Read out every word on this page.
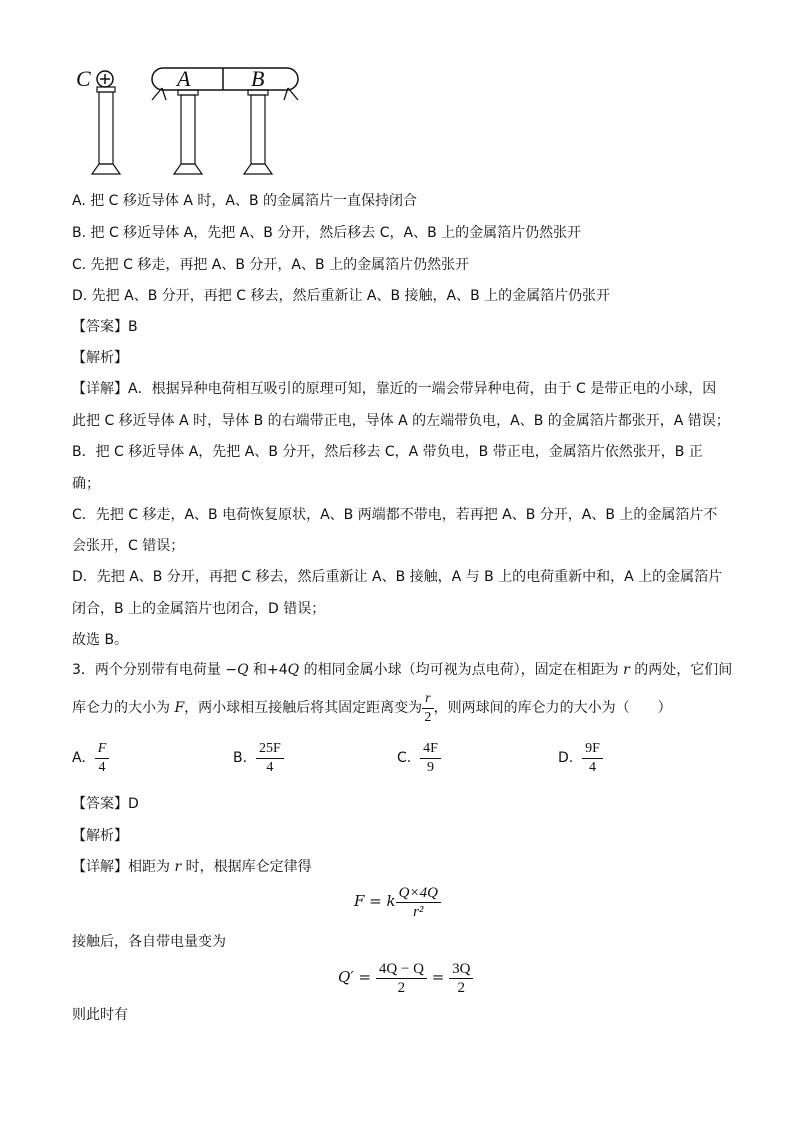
C	A	B
A. 把 C 移近导体 A 时，A、B 的金属箔片一直保持闭合
B. 把 C 移近导体 A，先把 A、B 分开，然后移去 C，A、B 上的金属箔片仍然张开
C. 先把 C 移走，再把 A、B 分开，A、B 上的金属箔片仍然张开
D. 先把 A、B 分开，再把 C 移去，然后重新让 A、B 接触，A、B 上的金属箔片仍张开
【答案】B
【解析】
【详解】A．根据异种电荷相互吸引的原理可知，靠近的一端会带异种电荷，由于 C 是带正电的小球，因
此把 C 移近导体 A 时，导体 B 的右端带正电，导体 A 的左端带负电，A、B 的金属箔片都张开，A 错误；
B．把 C 移近导体 A，先把 A、B 分开，然后移去 C，A 带负电，B 带正电，金属箔片依然张开，B 正
确；
C．先把 C 移走，A、B 电荷恢复原状，A、B 两端都不带电，若再把 A、B 分开，A、B 上的金属箔片不
会张开，C 错误；
D．先把 A、B 分开，再把 C 移去，然后重新让 A、B 接触，A 与 B 上的电荷重新中和，A 上的金属箔片
闭合，B 上的金属箔片也闭合，D 错误；
故选 B。
3．两个分别带有电荷量 −Q 和+4Q 的相同金属小球（均可视为点电荷），固定在相距为 r 的两处，它们间
库仑力的大小为 F，两小球相互接触后将其固定距离变为 $\frac{r}{2}$ ，则两球间的库仑力的大小为（　　）
A. $\frac{F}{4}$	B. $\frac{25F}{4}$	C. $\frac{4F}{9}$	D. $\frac{9F}{4}$
【答案】D
【解析】
【详解】相距为 r 时，根据库仑定律得
F = k $\frac{Q\times 4Q}{\text{r²}}$
接触后，各自带电量变为
$Q' = \frac{4Q - Q}{2} = \frac{3Q}{2}$
则此时有
